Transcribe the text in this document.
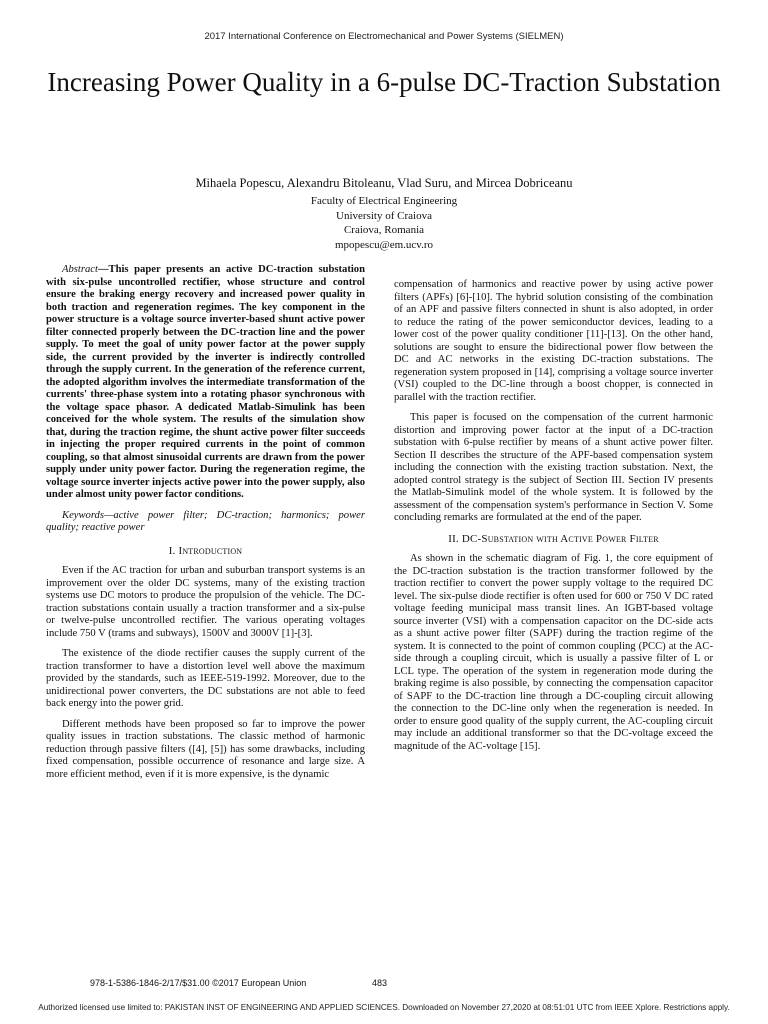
2017 International Conference on Electromechanical and Power Systems (SIELMEN)
Increasing Power Quality in a 6-pulse DC-Traction Substation
Mihaela Popescu, Alexandru Bitoleanu, Vlad Suru, and Mircea Dobriceanu
Faculty of Electrical Engineering
University of Craiova
Craiova, Romania
mpopescu@em.ucv.ro
Abstract—This paper presents an active DC-traction substation with six-pulse uncontrolled rectifier, whose structure and control ensure the braking energy recovery and increased power quality in both traction and regeneration regimes. The key component in the power structure is a voltage source inverter-based shunt active power filter connected properly between the DC-traction line and the power supply. To meet the goal of unity power factor at the power supply side, the current provided by the inverter is indirectly controlled through the supply current. In the generation of the reference current, the adopted algorithm involves the intermediate transformation of the currents' three-phase system into a rotating phasor synchronous with the voltage space phasor. A dedicated Matlab-Simulink has been conceived for the whole system. The results of the simulation show that, during the traction regime, the shunt active power filter succeeds in injecting the proper required currents in the point of common coupling, so that almost sinusoidal currents are drawn from the power supply under unity power factor. During the regeneration regime, the voltage source inverter injects active power into the power supply, also under almost unity power factor conditions.
Keywords—active power filter; DC-traction; harmonics; power quality; reactive power
I. Introduction

Even if the AC traction for urban and suburban transport systems is an improvement over the older DC systems, many of the existing traction systems use DC motors to produce the propulsion of the vehicle. The DC-traction substations contain usually a traction transformer and a six-pulse or twelve-pulse uncontrolled rectifier. The various operating voltages include 750 V (trams and subways), 1500V and 3000V [1]-[3].

The existence of the diode rectifier causes the supply current of the traction transformer to have a distortion level well above the maximum provided by the standards, such as IEEE-519-1992. Moreover, due to the unidirectional power converters, the DC substations are not able to feed back energy into the power grid.

Different methods have been proposed so far to improve the power quality issues in traction substations. The classic method of harmonic reduction through passive filters ([4], [5]) has some drawbacks, including fixed compensation, possible occurrence of resonance and large size. A more efficient method, even if it is more expensive, is the dynamic

compensation of harmonics and reactive power by using active power filters (APFs) [6]-[10]. The hybrid solution consisting of the combination of an APF and passive filters connected in shunt is also adopted, in order to reduce the rating of the power semiconductor devices, leading to a lower cost of the power quality conditioner [11]-[13]. On the other hand, solutions are sought to ensure the bidirectional power flow between the DC and AC networks in the existing DC-traction substations. The regeneration system proposed in [14], comprising a voltage source inverter (VSI) coupled to the DC-line through a boost chopper, is connected in parallel with the traction rectifier.

This paper is focused on the compensation of the current harmonic distortion and improving power factor at the input of a DC-traction substation with 6-pulse rectifier by means of a shunt active power filter. Section II describes the structure of the APF-based compensation system including the connection with the existing traction substation. Next, the adopted control strategy is the subject of Section III. Section IV presents the Matlab-Simulink model of the whole system. It is followed by the assessment of the compensation system's performance in Section V. Some concluding remarks are formulated at the end of the paper.

II. DC-Substation with Active Power Filter

As shown in the schematic diagram of Fig. 1, the core equipment of the DC-traction substation is the traction transformer followed by the traction rectifier to convert the power supply voltage to the required DC level. The six-pulse diode rectifier is often used for 600 or 750 V DC rated voltage feeding municipal mass transit lines. An IGBT-based voltage source inverter (VSI) with a compensation capacitor on the DC-side acts as a shunt active power filter (SAPF) during the traction regime of the system. It is connected to the point of common coupling (PCC) at the AC-side through a coupling circuit, which is usually a passive filter of L or LCL type. The operation of the system in regeneration mode during the braking regime is also possible, by connecting the compensation capacitor of SAPF to the DC-traction line through a DC-coupling circuit allowing the connection to the DC-line only when the regeneration is needed. In order to ensure good quality of the supply current, the AC-coupling circuit may include an additional transformer so that the DC-voltage exceed the magnitude of the AC-voltage [15].

978-1-5386-1846-2/17/$31.00 ©2017 European Union	483
Authorized licensed use limited to: PAKISTAN INST OF ENGINEERING AND APPLIED SCIENCES. Downloaded on November 27,2020 at 08:51:01 UTC from IEEE Xplore. Restrictions apply.
